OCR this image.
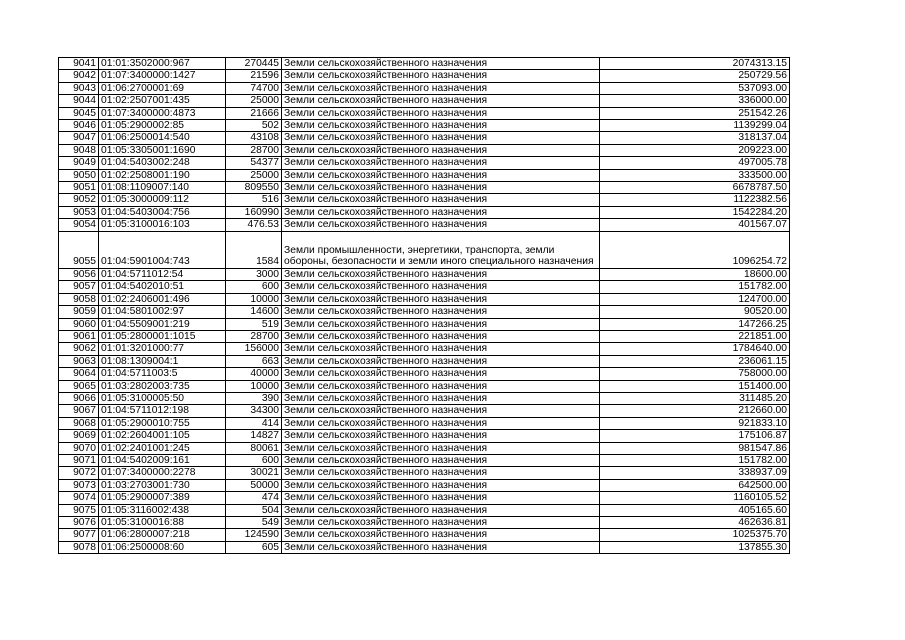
9041	01:01:3502000:967	270445	Земли сельскохозяйственного назначения	2074313.15
9042	01:07:3400000:1427	21596	Земли сельскохозяйственного назначения	250729.56
9043	01:06:2700001:69	74700	Земли сельскохозяйственного назначения	537093.00
9044	01:02:2507001:435	25000	Земли сельскохозяйственного назначения	336000.00
9045	01:07:3400000:4873	21666	Земли сельскохозяйственного назначения	251542.26
9046	01:05:2900002:85	502	Земли сельскохозяйственного назначения	1139299.04
9047	01:06:2500014:540	43108	Земли сельскохозяйственного назначения	318137.04
9048	01:05:3305001:1690	28700	Земли сельскохозяйственного назначения	209223.00
9049	01:04:5403002:248	54377	Земли сельскохозяйственного назначения	497005.78
9050	01:02:2508001:190	25000	Земли сельскохозяйственного назначения	333500.00
9051	01:08:1109007:140	809550	Земли сельскохозяйственного назначения	6678787.50
9052	01:05:3000009:112	516	Земли сельскохозяйственного назначения	1122382.56
9053	01:04:5403004:756	160990	Земли сельскохозяйственного назначения	1542284.20
9054	01:05:3100016:103	476.53	Земли сельскохозяйственного назначения	401567.07
9055	01:04:5901004:743	1584	Земли промышленности, энергетики, транспорта, земли обороны, безопасности и земли иного специального назначения	1096254.72
9056	01:04:5711012:54	3000	Земли сельскохозяйственного назначения	18600.00
9057	01:04:5402010:51	600	Земли сельскохозяйственного назначения	151782.00
9058	01:02:2406001:496	10000	Земли сельскохозяйственного назначения	124700.00
9059	01:04:5801002:97	14600	Земли сельскохозяйственного назначения	90520.00
9060	01:04:5509001:219	519	Земли сельскохозяйственного назначения	147266.25
9061	01:05:2800001:1015	28700	Земли сельскохозяйственного назначения	221851.00
9062	01:01:3201000:77	156000	Земли сельскохозяйственного назначения	1784640.00
9063	01:08:1309004:1	663	Земли сельскохозяйственного назначения	236061.15
9064	01:04:5711003:5	40000	Земли сельскохозяйственного назначения	758000.00
9065	01:03:2802003:735	10000	Земли сельскохозяйственного назначения	151400.00
9066	01:05:3100005:50	390	Земли сельскохозяйственного назначения	311485.20
9067	01:04:5711012:198	34300	Земли сельскохозяйственного назначения	212660.00
9068	01:05:2900010:755	414	Земли сельскохозяйственного назначения	921833.10
9069	01:02:2604001:105	14827	Земли сельскохозяйственного назначения	175106.87
9070	01:02:2401001:245	80061	Земли сельскохозяйственного назначения	981547.86
9071	01:04:5402009:161	600	Земли сельскохозяйственного назначения	151782.00
9072	01:07:3400000:2278	30021	Земли сельскохозяйственного назначения	338937.09
9073	01:03:2703001:730	50000	Земли сельскохозяйственного назначения	642500.00
9074	01:05:2900007:389	474	Земли сельскохозяйственного назначения	1160105.52
9075	01:05:3116002:438	504	Земли сельскохозяйственного назначения	405165.60
9076	01:05:3100016:88	549	Земли сельскохозяйственного назначения	462636.81
9077	01:06:2800007:218	124590	Земли сельскохозяйственного назначения	1025375.70
9078	01:06:2500008:60	605	Земли сельскохозяйственного назначения	137855.30
